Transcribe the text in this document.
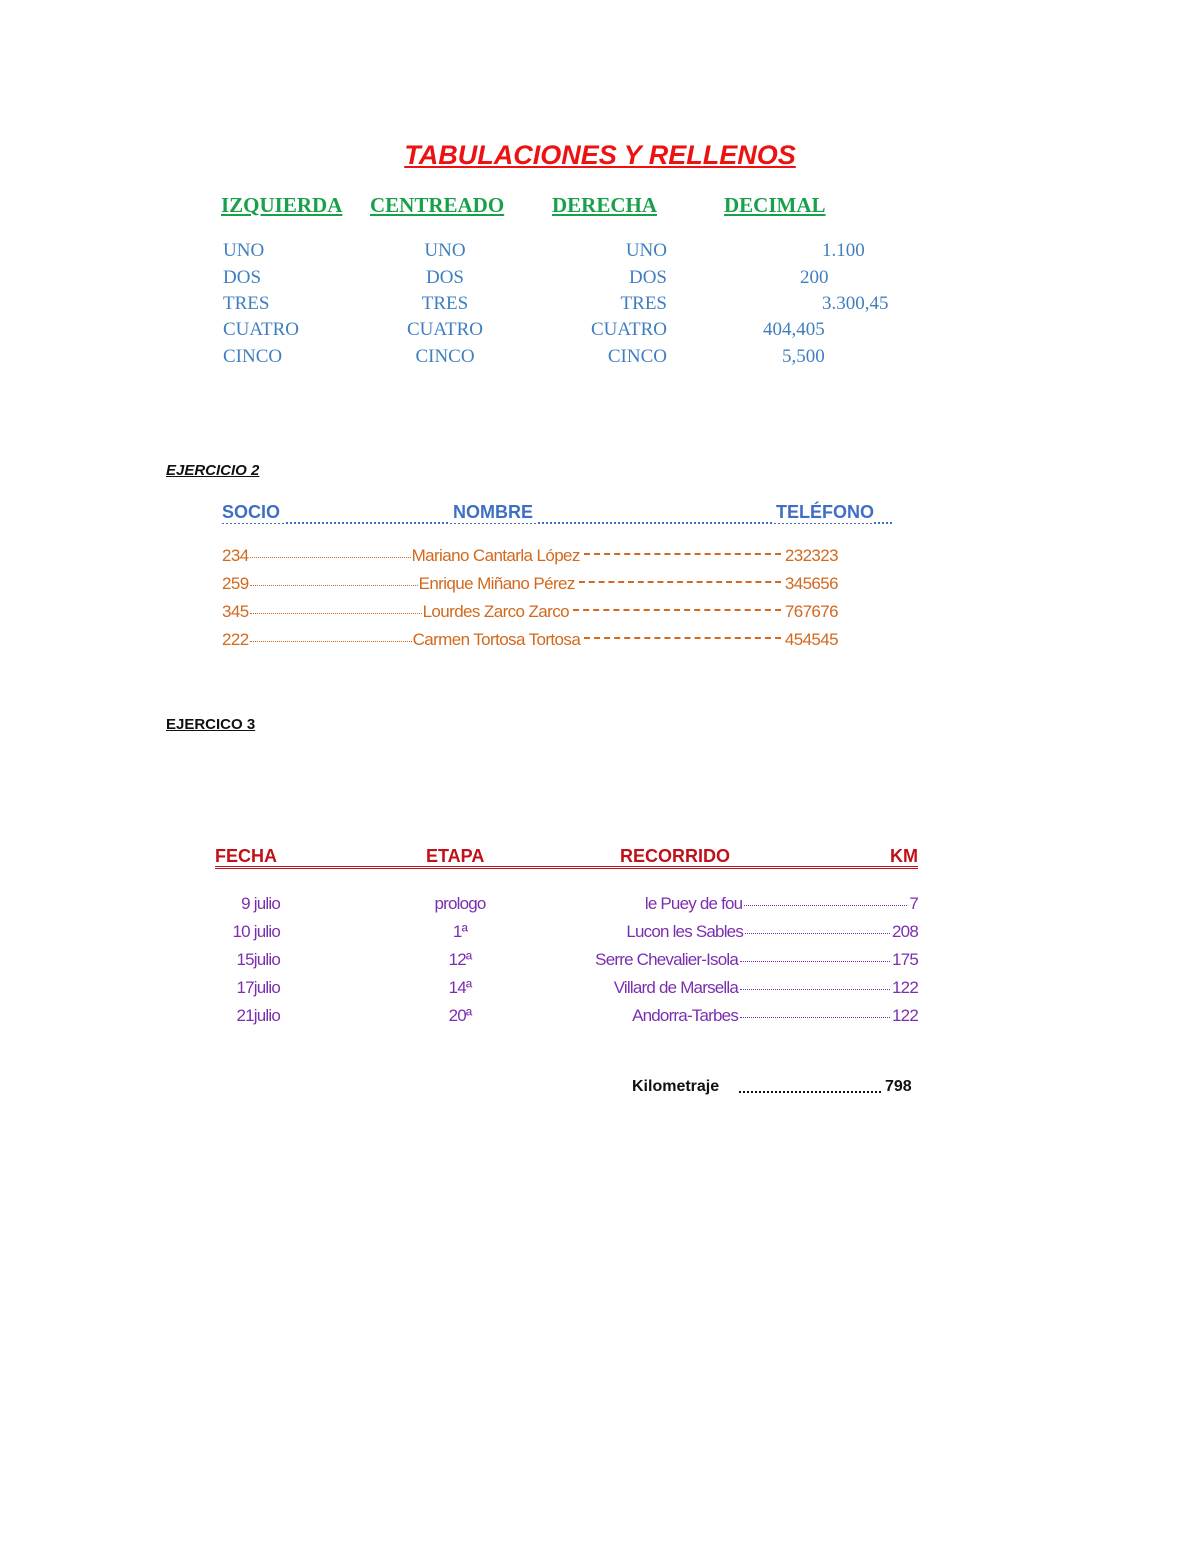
TABULACIONES Y RELLENOS
IZQUIERDA CENTREADO DERECHA	DECIMAL
UNO	UNO	UNO	1.100
DOS	DOS	DOS	200
TRES	TRES	TRES	3.300,45
CUATRO	CUATRO	CUATRO	404,405
CINCO	CINCO	CINCO	5,500
EJERCICIO 2
SOCIO	NOMBRE	TELÉFONO
234	Mariano Cantarla López	232323
259	Enrique Miñano Pérez	345656
345	Lourdes Zarco Zarco	767676
222	Carmen Tortosa Tortosa	454545
EJERCICO 3
FECHA	ETAPA	RECORRIDO	KM
9 julio	prologo	le Puey de fou	7
10 julio	1ª	Lucon les Sables	208
15julio	12ª	Serre Chevalier-Isola	175
17julio	14ª	Villard de Marsella	122
21julio	20ª	Andorra-Tarbes	122
Kilometraje	798
